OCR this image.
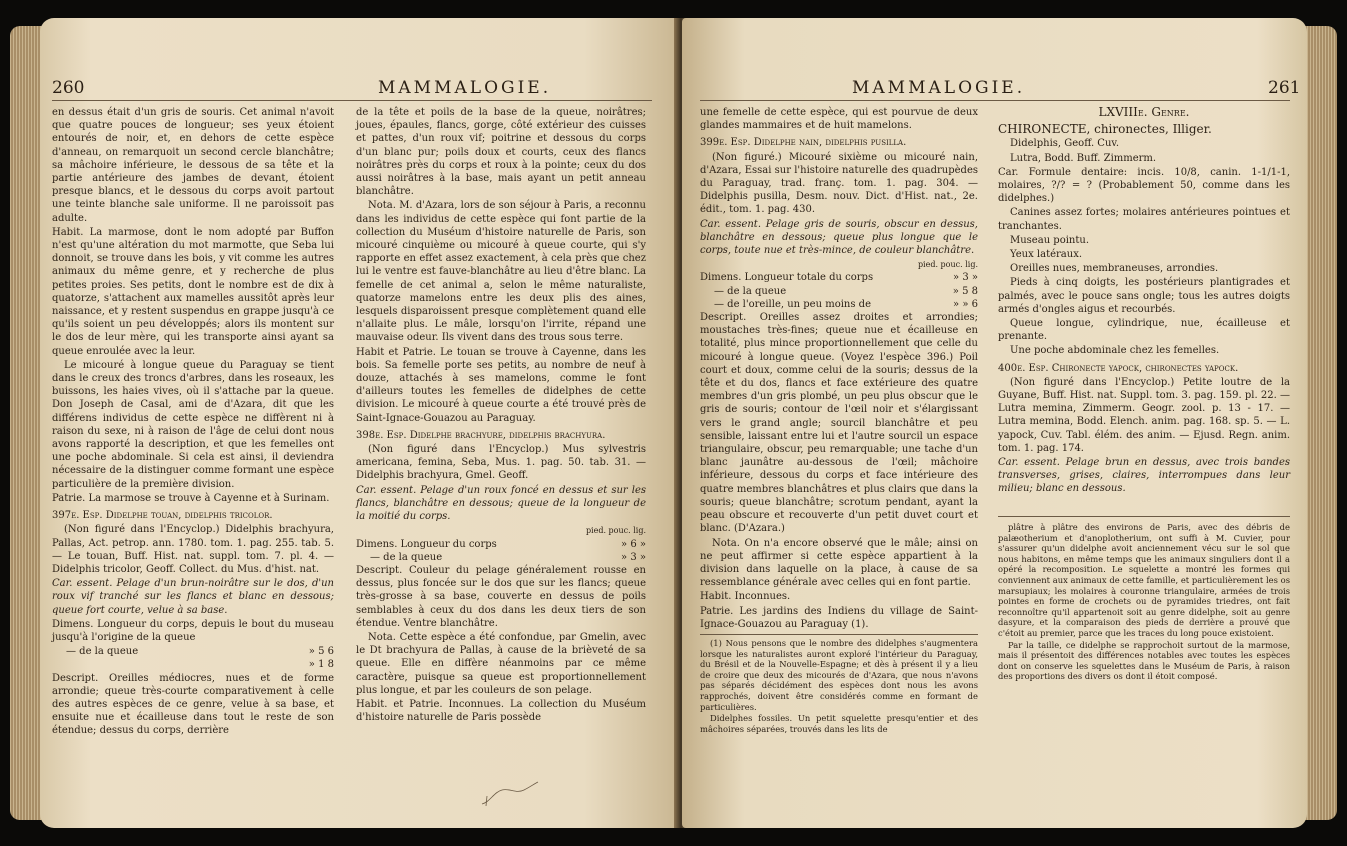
260	MAMMALOGIE.

en dessus était d'un gris de souris. Cet animal n'avoit que quatre pouces de longueur; ses yeux étoient entourés de noir, et, en dehors de cette espèce d'anneau, on remarquoit un second cercle blanchâtre; sa mâchoire inférieure, le dessous de sa tête et la partie antérieure des jambes de devant, étoient presque blancs, et le dessous du corps avoit partout une teinte blanche sale uniforme. Il ne paroissoit pas adulte.

Habit. La marmose, dont le nom adopté par Buffon n'est qu'une altération du mot marmotte, que Seba lui donnoit, se trouve dans les bois, y vit comme les autres animaux du même genre, et y recherche de plus petites proies. Ses petits, dont le nombre est de dix à quatorze, s'attachent aux mamelles aussitôt après leur naissance, et y restent suspendus en grappe jusqu'à ce qu'ils soient un peu développés; alors ils montent sur le dos de leur mère, qui les transporte ainsi ayant sa queue enroulée avec la leur.

Le micouré à longue queue du Paraguay se tient dans le creux des troncs d'arbres, dans les roseaux, les buissons, les haies vives, où il s'attache par la queue. Don Joseph de Casal, ami de d'Azara, dit que les différens individus de cette espèce ne diffèrent ni à raison du sexe, ni à raison de l'âge de celui dont nous avons rapporté la description, et que les femelles ont une poche abdominale. Si cela est ainsi, il deviendra nécessaire de la distinguer comme formant une espèce particulière de la première division.

Patrie. La marmose se trouve à Cayenne et à Surinam.

397e. Esp. Didelphe touan, didelphis tricolor.

(Non figuré dans l'Encyclop.) Didelphis brachyura, Pallas, Act. petrop. ann. 1780. tom. 1. pag. 255. tab. 5. — Le touan, Buff. Hist. nat. suppl. tom. 7. pl. 4. — Didelphis tricolor, Geoff. Collect. du Mus. d'hist. nat.

Car. essent. Pelage d'un brun-noirâtre sur le dos, d'un roux vif tranché sur les flancs et blanc en dessous; queue fort courte, velue à sa base.

Dimens. Longueur du corps, depuis le bout du museau jusqu'à l'origine de la queue

— de la queue	» 5 6
» 1 8

Descript. Oreilles médiocres, nues et de forme arrondie; queue très-courte comparativement à celle des autres espèces de ce genre, velue à sa base, et ensuite nue et écailleuse dans tout le reste de son étendue; dessus du corps, derrière

de la tête et poils de la base de la queue, noirâtres; joues, épaules, flancs, gorge, côté extérieur des cuisses et pattes, d'un roux vif; poitrine et dessous du corps d'un blanc pur; poils doux et courts, ceux des flancs noirâtres près du corps et roux à la pointe; ceux du dos aussi noirâtres à la base, mais ayant un petit anneau blanchâtre.

Nota. M. d'Azara, lors de son séjour à Paris, a reconnu dans les individus de cette espèce qui font partie de la collection du Muséum d'histoire naturelle de Paris, son micouré cinquième ou micouré à queue courte, qui s'y rapporte en effet assez exactement, à cela près que chez lui le ventre est fauve-blanchâtre au lieu d'être blanc. La femelle de cet animal a, selon le même naturaliste, quatorze mamelons entre les deux plis des aines, lesquels disparoissent presque complètement quand elle n'allaite plus. Le mâle, lorsqu'on l'irrite, répand une mauvaise odeur. Ils vivent dans des trous sous terre.

Habit et Patrie. Le touan se trouve à Cayenne, dans les bois. Sa femelle porte ses petits, au nombre de neuf à douze, attachés à ses mamelons, comme le font d'ailleurs toutes les femelles de didelphes de cette division. Le micouré à queue courte a été trouvé près de Saint-Ignace-Gouazou au Paraguay.

398e. Esp. Didelphe brachyure, didelphis brachyura.

(Non figuré dans l'Encyclop.) Mus sylvestris americana, femina, Seba, Mus. 1. pag. 50. tab. 31. — Didelphis brachyura, Gmel. Geoff.

Car. essent. Pelage d'un roux foncé en dessus et sur les flancs, blanchâtre en dessous; queue de la longueur de la moitié du corps.

pied. pouc. lig.
Dimens. Longueur du corps	» 6 »
— de la queue	» 3 »

Descript. Couleur du pelage généralement rousse en dessus, plus foncée sur le dos que sur les flancs; queue très-grosse à sa base, couverte en dessus de poils semblables à ceux du dos dans les deux tiers de son étendue. Ventre blanchâtre.

Nota. Cette espèce a été confondue, par Gmelin, avec le Dt brachyura de Pallas, à cause de la brièveté de sa queue. Elle en diffère néanmoins par ce même caractère, puisque sa queue est proportionnellement plus longue, et par les couleurs de son pelage.

Habit. et Patrie. Inconnues. La collection du Muséum d'histoire naturelle de Paris possède

MAMMALOGIE.	261

une femelle de cette espèce, qui est pourvue de deux glandes mammaires et de huit mamelons.

399e. Esp. Didelphe nain, didelphis pusilla.

(Non figuré.) Micouré sixième ou micouré nain, d'Azara, Essai sur l'histoire naturelle des quadrupèdes du Paraguay, trad. franç. tom. 1. pag. 304. — Didelphis pusilla, Desm. nouv. Dict. d'Hist. nat., 2e. édit., tom. 1. pag. 430.

Car. essent. Pelage gris de souris, obscur en dessus, blanchâtre en dessous; queue plus longue que le corps, toute nue et très-mince, de couleur blanchâtre.

pied. pouc. lig.
Dimens. Longueur totale du corps	» 3 »
— de la queue	» 5 8
— de l'oreille, un peu moins de	» » 6

Descript. Oreilles assez droites et arrondies; moustaches très-fines; queue nue et écailleuse en totalité, plus mince proportionnellement que celle du micouré à longue queue. (Voyez l'espèce 396.) Poil court et doux, comme celui de la souris; dessus de la tête et du dos, flancs et face extérieure des quatre membres d'un gris plombé, un peu plus obscur que le gris de souris; contour de l'œil noir et s'élargissant vers le grand angle; sourcil blanchâtre et peu sensible, laissant entre lui et l'autre sourcil un espace triangulaire, obscur, peu remarquable; une tache d'un blanc jaunâtre au-dessous de l'œil; mâchoire inférieure, dessous du corps et face intérieure des quatre membres blanchâtres et plus clairs que dans la souris; queue blanchâtre; scrotum pendant, ayant la peau obscure et recouverte d'un petit duvet court et blanc. (D'Azara.)

Nota. On n'a encore observé que le mâle; ainsi on ne peut affirmer si cette espèce appartient à la division dans laquelle on la place, à cause de sa ressemblance générale avec celles qui en font partie.

Habit. Inconnues.

Patrie. Les jardins des Indiens du village de Saint-Ignace-Gouazou au Paraguay (1).

(1) Nous pensons que le nombre des didelphes s'augmentera lorsque les naturalistes auront exploré l'intérieur du Paraguay, du Brésil et de la Nouvelle-Espagne; et dès à présent il y a lieu de croire que deux des micourés de d'Azara, que nous n'avons pas séparés décidément des espèces dont nous les avons rapprochés, doivent être considérés comme en formant de particulières.

Didelphes fossiles. Un petit squelette presqu'entier et des mâchoires séparées, trouvés dans les lits de

LXVIIIe. Genre.

CHIRONECTE, chironectes, Illiger.

Didelphis, Geoff. Cuv.

Lutra, Bodd. Buff. Zimmerm.

Car. Formule dentaire: incis. 10/8, canin. 1-1/1-1, molaires, ?/? = ? (Probablement 50, comme dans les didelphes.)

Canines assez fortes; molaires antérieures pointues et tranchantes.

Museau pointu.

Yeux latéraux.

Oreilles nues, membraneuses, arrondies.

Pieds à cinq doigts, les postérieurs plantigrades et palmés, avec le pouce sans ongle; tous les autres doigts armés d'ongles aigus et recourbés.

Queue longue, cylindrique, nue, écailleuse et prenante.

Une poche abdominale chez les femelles.

400e. Esp. Chironecte yapock, chironectes yapock.

(Non figuré dans l'Encyclop.) Petite loutre de la Guyane, Buff. Hist. nat. Suppl. tom. 3. pag. 159. pl. 22. — Lutra memina, Zimmerm. Geogr. zool. p. 13 - 17. — Lutra memina, Bodd. Elench. anim. pag. 168. sp. 5. — L. yapock, Cuv. Tabl. élém. des anim. — Ejusd. Regn. anim. tom. 1. pag. 174.

Car. essent. Pelage brun en dessus, avec trois bandes transverses, grises, claires, interrompues dans leur milieu; blanc en dessous.

plâtre à plâtre des environs de Paris, avec des débris de palæotherium et d'anoplotherium, ont suffi à M. Cuvier, pour s'assurer qu'un didelphe avoit anciennement vécu sur le sol que nous habitons, en même temps que les animaux singuliers dont il a opéré la recomposition. Le squelette a montré les formes qui conviennent aux animaux de cette famille, et particulièrement les os marsupiaux; les molaires à couronne triangulaire, armées de trois pointes en forme de crochets ou de pyramides triedres, ont fait reconnoître qu'il appartenoit soit au genre didelphe, soit au genre dasyure, et la comparaison des pieds de derrière a prouvé que c'étoit au premier, parce que les traces du long pouce existoient.

Par la taille, ce didelphe se rapprochoit surtout de la marmose, mais il présentoit des différences notables avec toutes les espèces dont on conserve les squelettes dans le Muséum de Paris, à raison des proportions des divers os dont il étoit composé.
